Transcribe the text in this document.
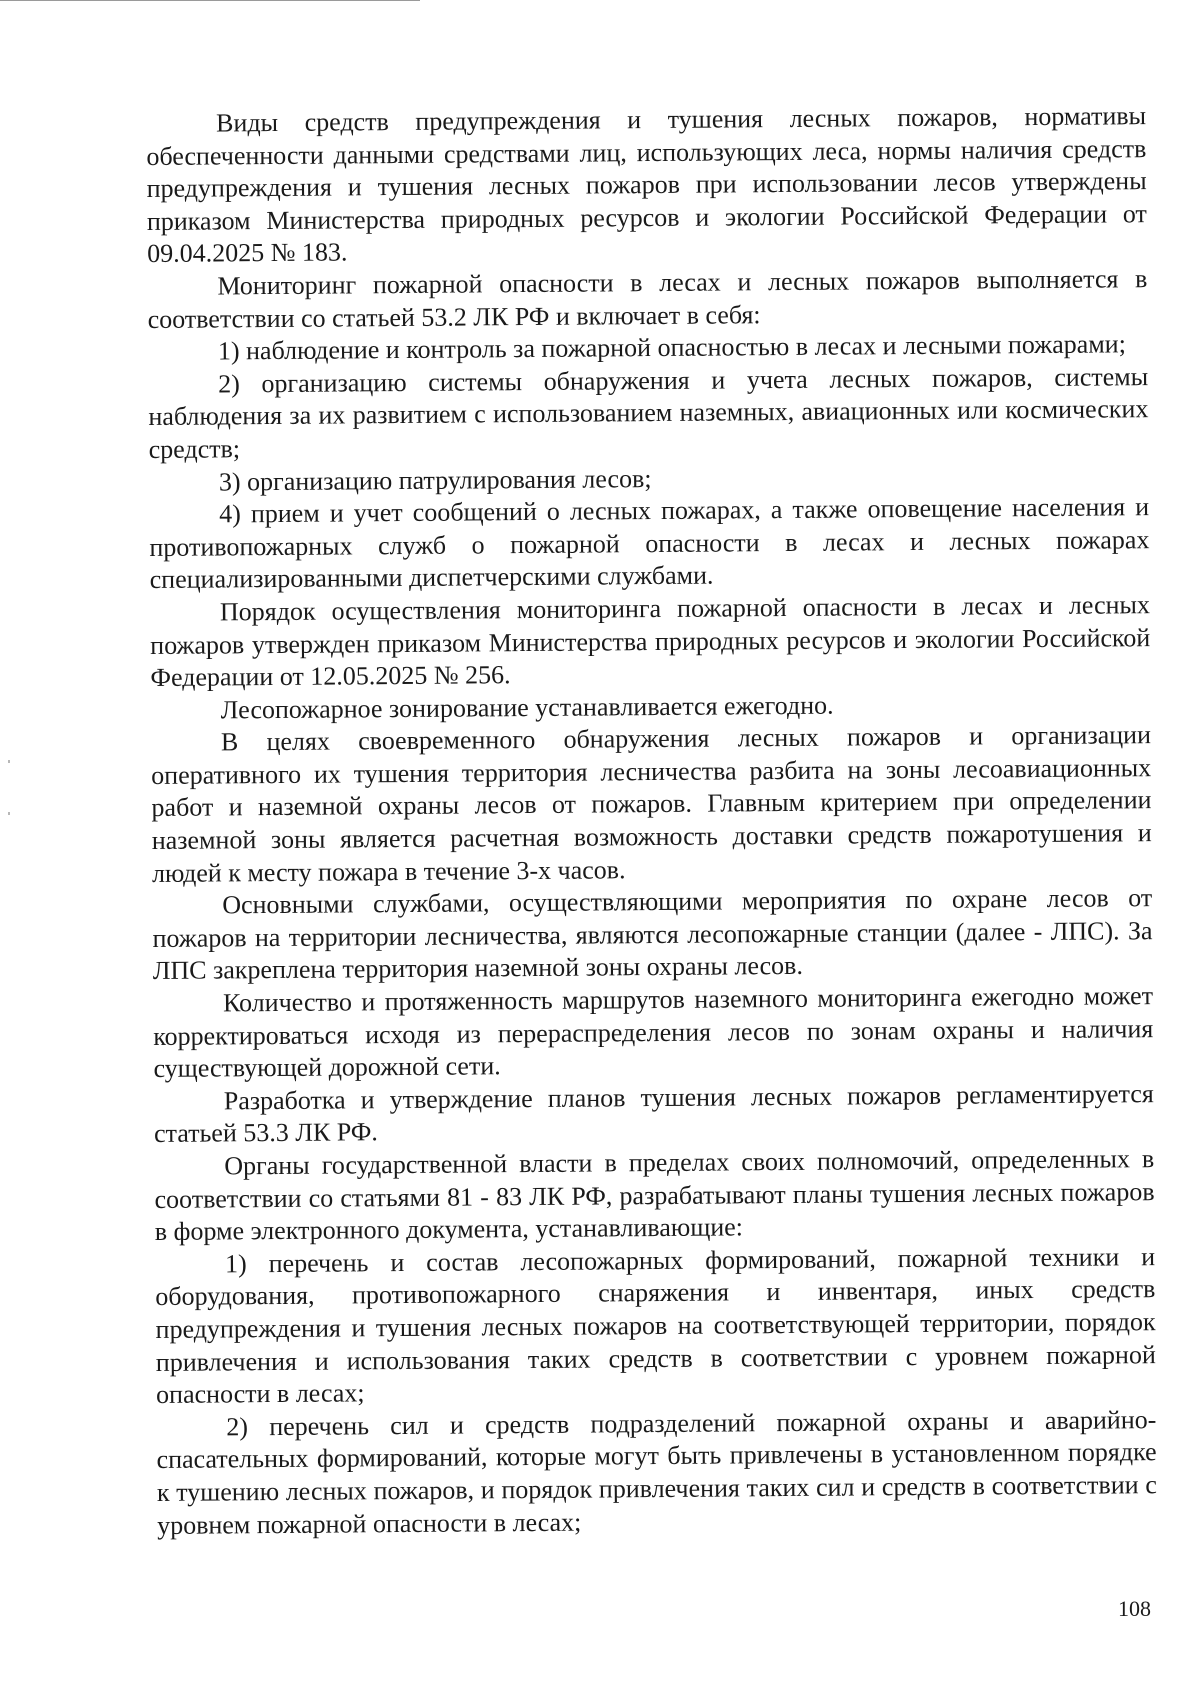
Виды средств предупреждения и тушения лесных пожаров, нормативы обеспеченности данными средствами лиц, использующих леса, нормы наличия средств предупреждения и тушения лесных пожаров при использовании лесов утверждены приказом Министерства природных ресурсов и экологии Российской Федерации от 09.04.2025 № 183.

Мониторинг пожарной опасности в лесах и лесных пожаров выполняется в соответствии со статьей 53.2 ЛК РФ и включает в себя:

1) наблюдение и контроль за пожарной опасностью в лесах и лесными пожарами;

2) организацию системы обнаружения и учета лесных пожаров, системы наблюдения за их развитием с использованием наземных, авиационных или космических средств;

3) организацию патрулирования лесов;

4) прием и учет сообщений о лесных пожарах, а также оповещение населения и противопожарных служб о пожарной опасности в лесах и лесных пожарах специализированными диспетчерскими службами.

Порядок осуществления мониторинга пожарной опасности в лесах и лесных пожаров утвержден приказом Министерства природных ресурсов и экологии Российской Федерации от 12.05.2025 № 256.

Лесопожарное зонирование устанавливается ежегодно.

В целях своевременного обнаружения лесных пожаров и организации оперативного их тушения территория лесничества разбита на зоны лесоавиационных работ и наземной охраны лесов от пожаров. Главным критерием при определении наземной зоны является расчетная возможность доставки средств пожаротушения и людей к месту пожара в течение 3-х часов.

Основными службами, осуществляющими мероприятия по охране лесов от пожаров на территории лесничества, являются лесопожарные станции (далее - ЛПС). За ЛПС закреплена территория наземной зоны охраны лесов.

Количество и протяженность маршрутов наземного мониторинга ежегодно может корректироваться исходя из перераспределения лесов по зонам охраны и наличия существующей дорожной сети.

Разработка и утверждение планов тушения лесных пожаров регламентируется статьей 53.3 ЛК РФ.

Органы государственной власти в пределах своих полномочий, определенных в соответствии со статьями 81 - 83 ЛК РФ, разрабатывают планы тушения лесных пожаров в форме электронного документа, устанавливающие:

1) перечень и состав лесопожарных формирований, пожарной техники и оборудования, противопожарного снаряжения и инвентаря, иных средств предупреждения и тушения лесных пожаров на соответствующей территории, порядок привлечения и использования таких средств в соответствии с уровнем пожарной опасности в лесах;

2) перечень сил и средств подразделений пожарной охраны и аварийно-спасательных формирований, которые могут быть привлечены в установленном порядке к тушению лесных пожаров, и порядок привлечения таких сил и средств в соответствии с уровнем пожарной опасности в лесах;

108
